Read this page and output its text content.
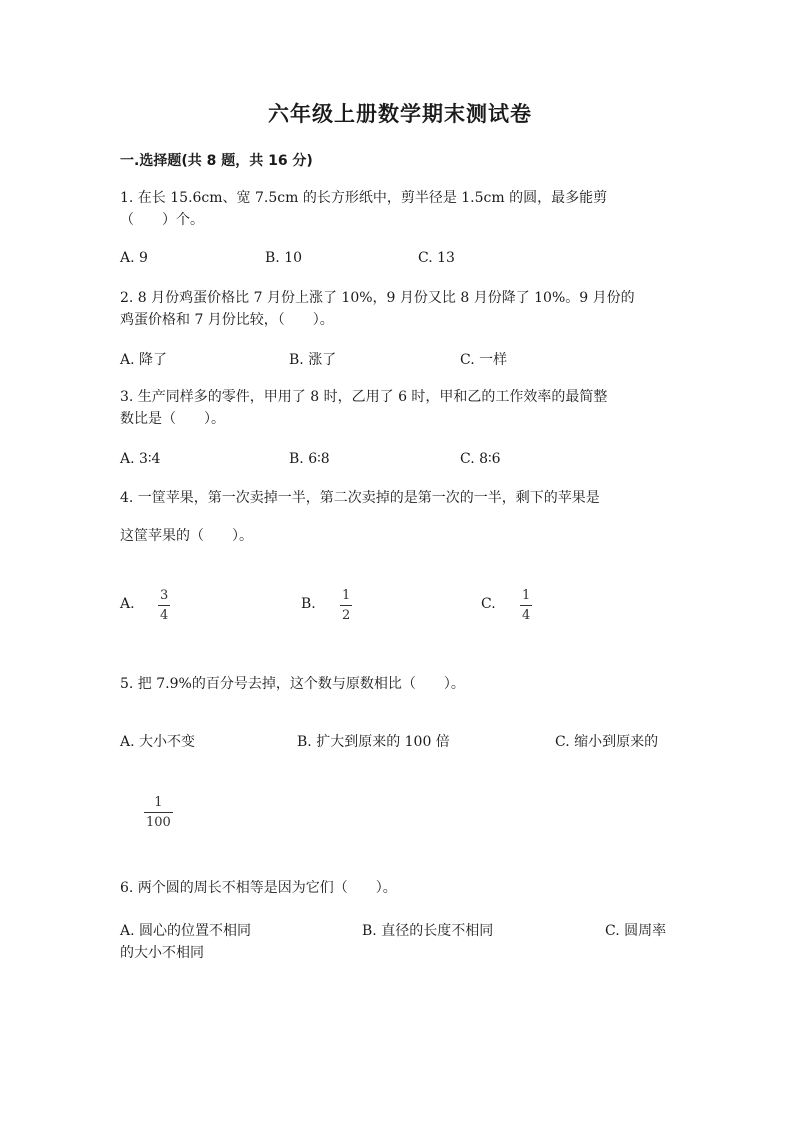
六年级上册数学期末测试卷
一.选择题(共 8 题，共 16 分)
1. 在长 15.6cm、宽 7.5cm 的长方形纸中，剪半径是 1.5cm 的圆，最多能剪
（　　）个。
A. 9	B. 10	C. 13
2. 8 月份鸡蛋价格比 7 月份上涨了 10%，9 月份又比 8 月份降了 10%。9 月份的
鸡蛋价格和 7 月份比较，（　　）。
A. 降了	B. 涨了	C. 一样
3. 生产同样多的零件，甲用了 8 时，乙用了 6 时，甲和乙的工作效率的最简整
数比是（　　）。
A. 3∶4	B. 6∶8	C. 8∶6
4. 一筐苹果，第一次卖掉一半，第二次卖掉的是第一次的一半，剩下的苹果是
这筐苹果的（　　）。
A.
3
4
B.
1
2
C.
1
4
5. 把 7.9%的百分号去掉，这个数与原数相比（　　）。
A. 大小不变	B. 扩大到原来的 100 倍	C. 缩小到原来的
1
100
6. 两个圆的周长不相等是因为它们（　　）。
A. 圆心的位置不相同	B. 直径的长度不相同	C. 圆周率
的大小不相同
